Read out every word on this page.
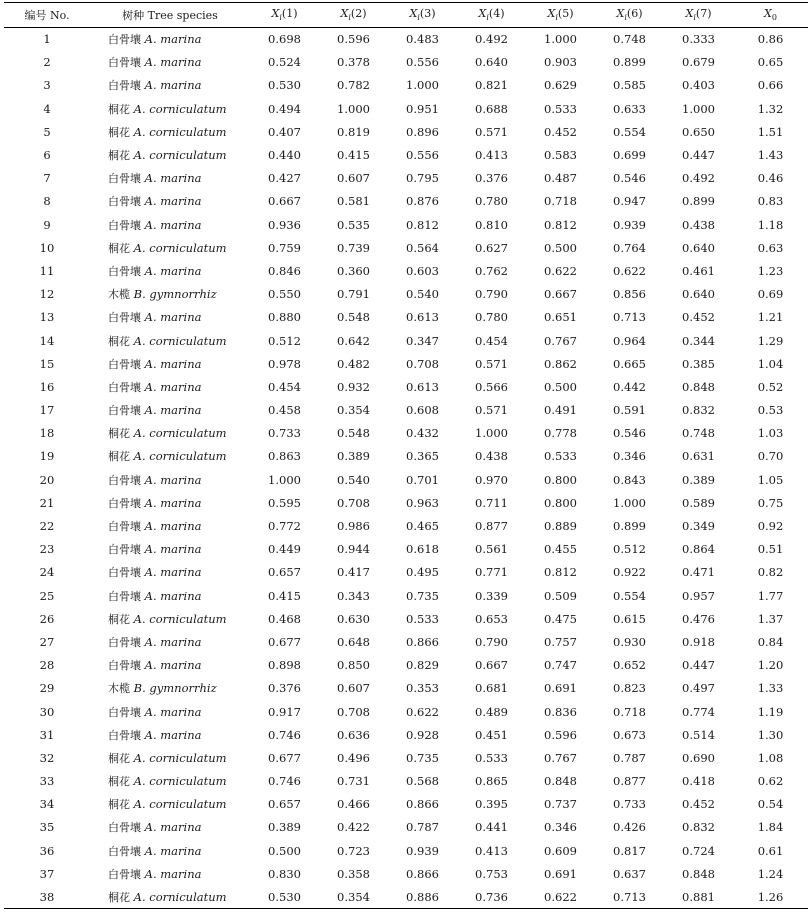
编号 No.	树种 Tree species	$X_i(1)$	$X_i(2)$	$X_i(3)$	$X_i(4)$	$X_i(5)$	$X_i(6)$	$X_i(7)$	$X_0$
1	白骨壤 A. marina	0.698	0.596	0.483	0.492	1.000	0.748	0.333	0.86
2	白骨壤 A. marina	0.524	0.378	0.556	0.640	0.903	0.899	0.679	0.65
3	白骨壤 A. marina	0.530	0.782	1.000	0.821	0.629	0.585	0.403	0.66
4	桐花 A. corniculatum	0.494	1.000	0.951	0.688	0.533	0.633	1.000	1.32
5	桐花 A. corniculatum	0.407	0.819	0.896	0.571	0.452	0.554	0.650	1.51
6	桐花 A. corniculatum	0.440	0.415	0.556	0.413	0.583	0.699	0.447	1.43
7	白骨壤 A. marina	0.427	0.607	0.795	0.376	0.487	0.546	0.492	0.46
8	白骨壤 A. marina	0.667	0.581	0.876	0.780	0.718	0.947	0.899	0.83
9	白骨壤 A. marina	0.936	0.535	0.812	0.810	0.812	0.939	0.438	1.18
10	桐花 A. corniculatum	0.759	0.739	0.564	0.627	0.500	0.764	0.640	0.63
11	白骨壤 A. marina	0.846	0.360	0.603	0.762	0.622	0.622	0.461	1.23
12	木榄 B. gymnorrhiz	0.550	0.791	0.540	0.790	0.667	0.856	0.640	0.69
13	白骨壤 A. marina	0.880	0.548	0.613	0.780	0.651	0.713	0.452	1.21
14	桐花 A. corniculatum	0.512	0.642	0.347	0.454	0.767	0.964	0.344	1.29
15	白骨壤 A. marina	0.978	0.482	0.708	0.571	0.862	0.665	0.385	1.04
16	白骨壤 A. marina	0.454	0.932	0.613	0.566	0.500	0.442	0.848	0.52
17	白骨壤 A. marina	0.458	0.354	0.608	0.571	0.491	0.591	0.832	0.53
18	桐花 A. corniculatum	0.733	0.548	0.432	1.000	0.778	0.546	0.748	1.03
19	桐花 A. corniculatum	0.863	0.389	0.365	0.438	0.533	0.346	0.631	0.70
20	白骨壤 A. marina	1.000	0.540	0.701	0.970	0.800	0.843	0.389	1.05
21	白骨壤 A. marina	0.595	0.708	0.963	0.711	0.800	1.000	0.589	0.75
22	白骨壤 A. marina	0.772	0.986	0.465	0.877	0.889	0.899	0.349	0.92
23	白骨壤 A. marina	0.449	0.944	0.618	0.561	0.455	0.512	0.864	0.51
24	白骨壤 A. marina	0.657	0.417	0.495	0.771	0.812	0.922	0.471	0.82
25	白骨壤 A. marina	0.415	0.343	0.735	0.339	0.509	0.554	0.957	1.77
26	桐花 A. corniculatum	0.468	0.630	0.533	0.653	0.475	0.615	0.476	1.37
27	白骨壤 A. marina	0.677	0.648	0.866	0.790	0.757	0.930	0.918	0.84
28	白骨壤 A. marina	0.898	0.850	0.829	0.667	0.747	0.652	0.447	1.20
29	木榄 B. gymnorrhiz	0.376	0.607	0.353	0.681	0.691	0.823	0.497	1.33
30	白骨壤 A. marina	0.917	0.708	0.622	0.489	0.836	0.718	0.774	1.19
31	白骨壤 A. marina	0.746	0.636	0.928	0.451	0.596	0.673	0.514	1.30
32	桐花 A. corniculatum	0.677	0.496	0.735	0.533	0.767	0.787	0.690	1.08
33	桐花 A. corniculatum	0.746	0.731	0.568	0.865	0.848	0.877	0.418	0.62
34	桐花 A. corniculatum	0.657	0.466	0.866	0.395	0.737	0.733	0.452	0.54
35	白骨壤 A. marina	0.389	0.422	0.787	0.441	0.346	0.426	0.832	1.84
36	白骨壤 A. marina	0.500	0.723	0.939	0.413	0.609	0.817	0.724	0.61
37	白骨壤 A. marina	0.830	0.358	0.866	0.753	0.691	0.637	0.848	1.24
38	桐花 A. corniculatum	0.530	0.354	0.886	0.736	0.622	0.713	0.881	1.26
